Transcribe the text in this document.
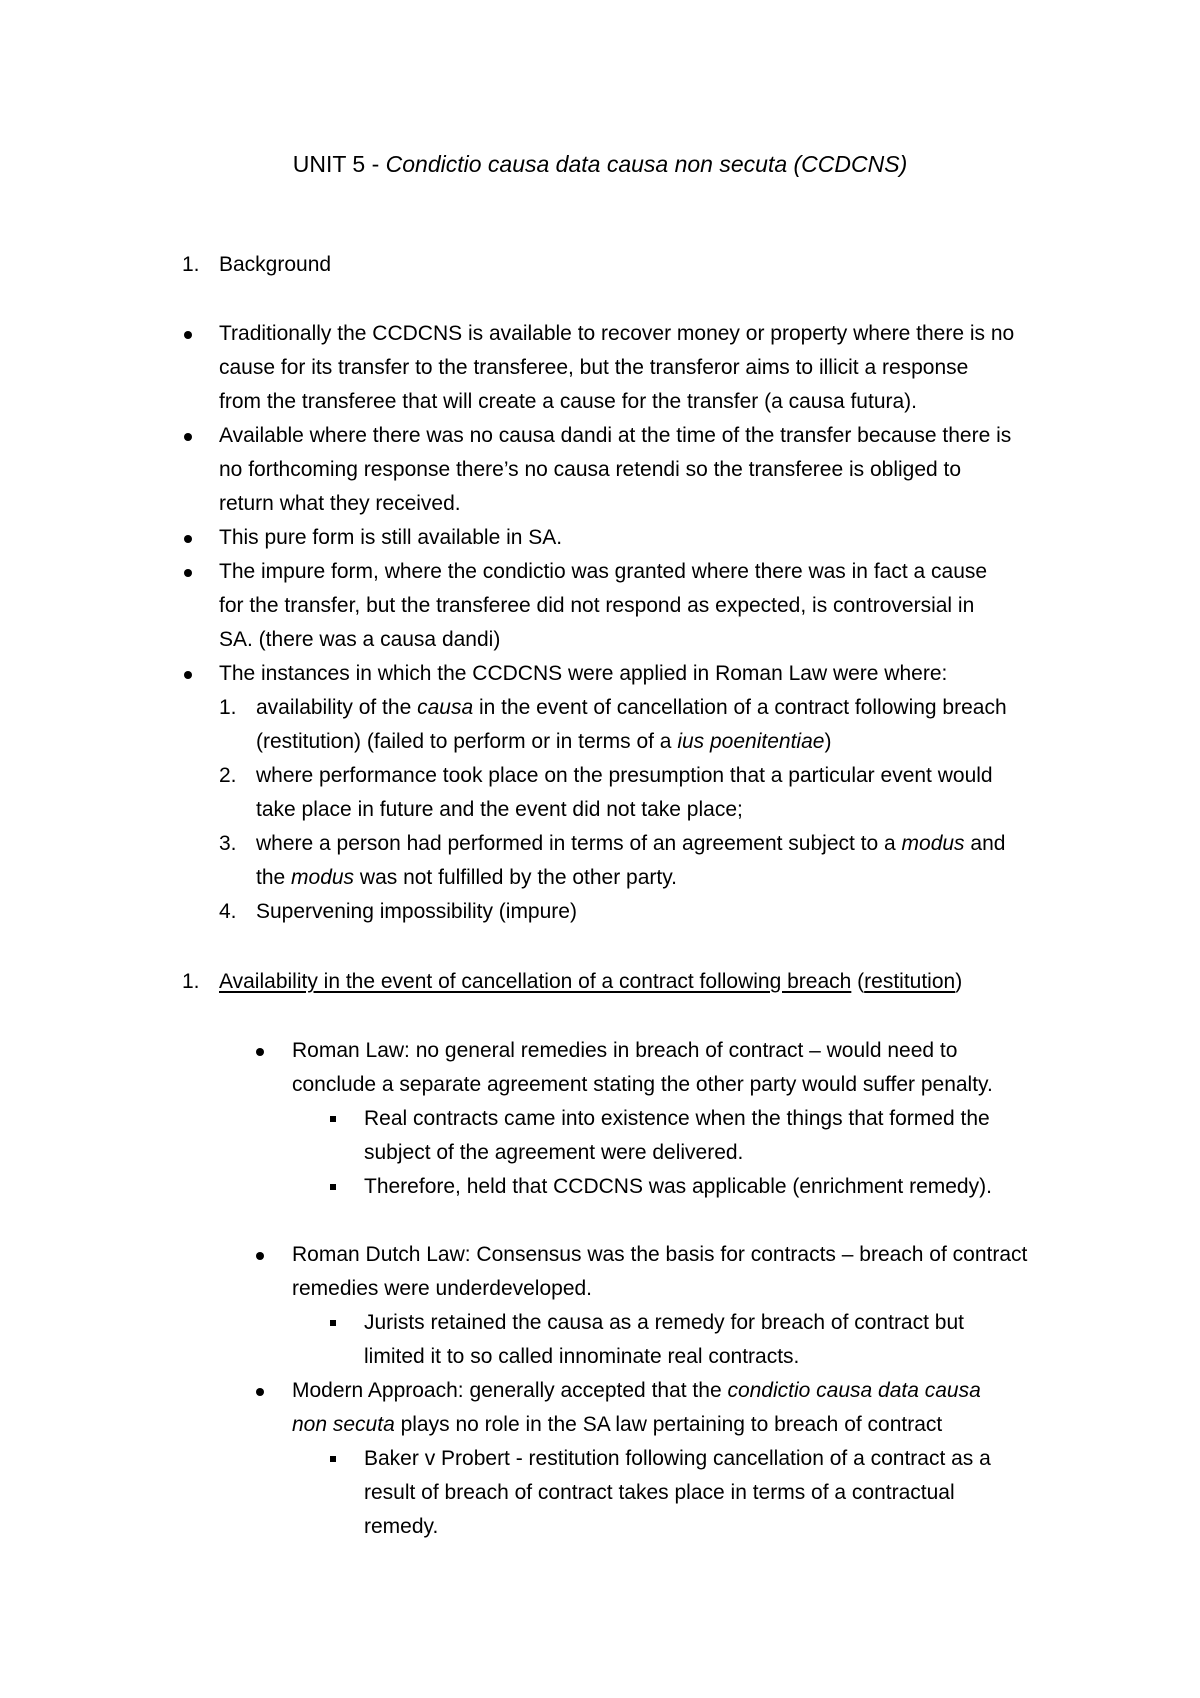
UNIT 5 - Condictio causa data causa non secuta (CCDCNS)
1. Background
Traditionally the CCDCNS is available to recover money or property where there is no
cause for its transfer to the transferee, but the transferor aims to illicit a response
from the transferee that will create a cause for the transfer (a causa futura).
Available where there was no causa dandi at the time of the transfer because there is
no forthcoming response there’s no causa retendi so the transferee is obliged to
return what they received.
This pure form is still available in SA.
The impure form, where the condictio was granted where there was in fact a cause
for the transfer, but the transferee did not respond as expected, is controversial in
SA. (there was a causa dandi)
The instances in which the CCDCNS were applied in Roman Law were where:
1. availability of the causa in the event of cancellation of a contract following breach
(restitution) (failed to perform or in terms of a ius poenitentiae)
2. where performance took place on the presumption that a particular event would
take place in future and the event did not take place;
3. where a person had performed in terms of an agreement subject to a modus and
the modus was not fulfilled by the other party.
4. Supervening impossibility (impure)
1. Availability in the event of cancellation of a contract following breach (restitution)
Roman Law: no general remedies in breach of contract – would need to
conclude a separate agreement stating the other party would suffer penalty.
Real contracts came into existence when the things that formed the
subject of the agreement were delivered.
Therefore, held that CCDCNS was applicable (enrichment remedy).
Roman Dutch Law: Consensus was the basis for contracts – breach of contract
remedies were underdeveloped.
Jurists retained the causa as a remedy for breach of contract but
limited it to so called innominate real contracts.
Modern Approach: generally accepted that the condictio causa data causa
non secuta plays no role in the SA law pertaining to breach of contract
Baker v Probert - restitution following cancellation of a contract as a
result of breach of contract takes place in terms of a contractual
remedy.
